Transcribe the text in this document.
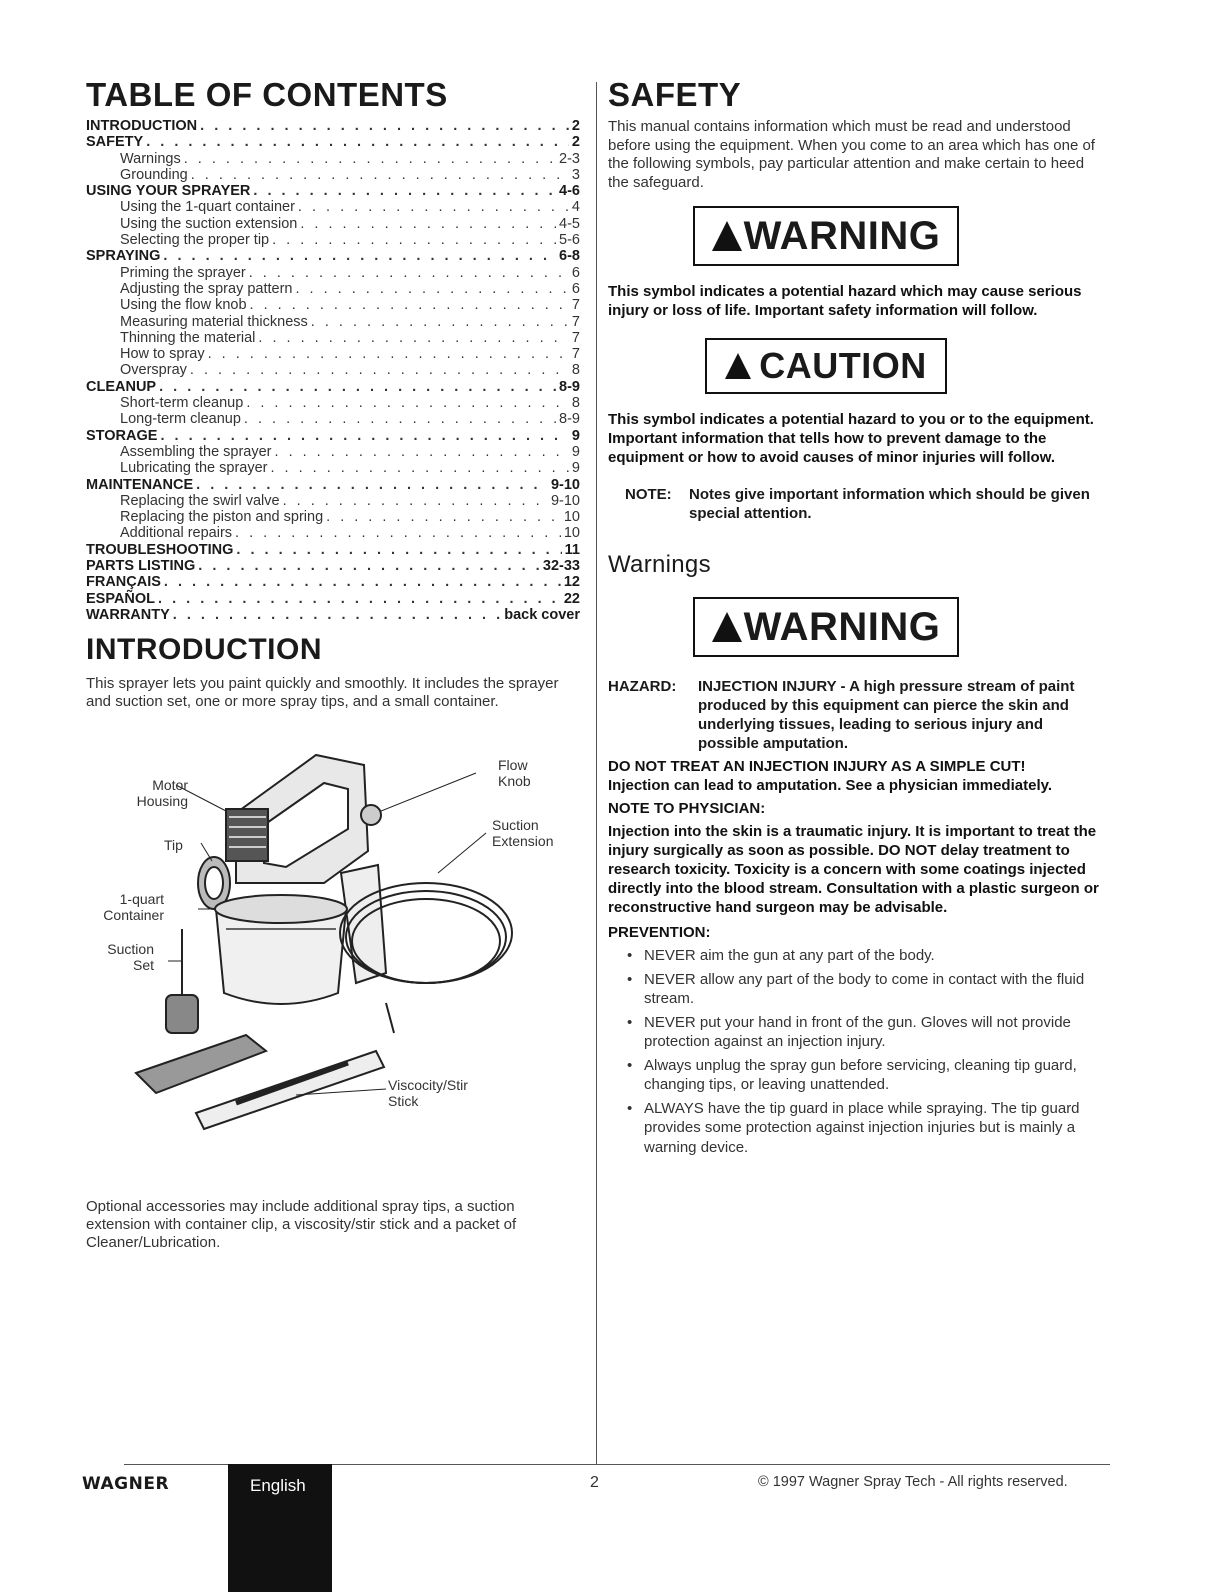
TABLE OF CONTENTS
INTRODUCTION . . .	2
SAFETY . . .	2
Warnings . . .	2-3
Grounding . . .	3
USING YOUR SPRAYER . . .	4-6
Using the 1-quart container . . .	4
Using the suction extension . . .	4-5
Selecting the proper tip . . .	5-6
SPRAYING . . .	6-8
Priming the sprayer . . .	6
Adjusting the spray pattern . . .	6
Using the flow knob . . .	7
Measuring material thickness . . .	7
Thinning the material . . .	7
How to spray . . .	7
Overspray . . .	8
CLEANUP . . .	8-9
Short-term cleanup . . .	8
Long-term cleanup . . .	8-9
STORAGE . . .	9
Assembling the sprayer . . .	9
Lubricating the sprayer . . .	9
MAINTENANCE . . .	9-10
Replacing the swirl valve . . .	9-10
Replacing the piston and spring . . .	10
Additional repairs . . .	10
TROUBLESHOOTING . . .	11
PARTS LISTING . . .	32-33
FRANÇAIS . . .	12
ESPAÑOL . . .	22
WARRANTY . . .	back cover
INTRODUCTION

This sprayer lets you paint quickly and smoothly. It includes the sprayer and suction set, one or more spray tips, and a small container.

Motor Housing
Tip
Flow Knob
Suction Extension
1-quart Container
Suction Set
Viscocity/Stir Stick

Optional accessories may include additional spray tips, a suction extension with container clip, a viscosity/stir stick and a packet of Cleaner/Lubrication.

SAFETY
This manual contains information which must be read and understood before using the equipment. When you come to an area which has one of the following symbols, pay particular attention and make certain to heed the safeguard.
WARNING
This symbol indicates a potential hazard which may cause serious injury or loss of life. Important safety information will follow.
CAUTION
This symbol indicates a potential hazard to you or to the equipment. Important information that tells how to prevent damage to the equipment or how to avoid causes of minor injuries will follow.
NOTE:	Notes give important information which should be given special attention.
Warnings
WARNING
HAZARD:	INJECTION INJURY - A high pressure stream of paint produced by this equipment can pierce the skin and underlying tissues, leading to serious injury and possible amputation.
DO NOT TREAT AN INJECTION INJURY AS A SIMPLE CUT!
Injection can lead to amputation. See a physician immediately.
NOTE TO PHYSICIAN:
Injection into the skin is a traumatic injury. It is important to treat the injury surgically as soon as possible. DO NOT delay treatment to research toxicity. Toxicity is a concern with some coatings injected directly into the blood stream. Consultation with a plastic surgeon or reconstructive hand surgeon may be advisable.
PREVENTION:
• NEVER aim the gun at any part of the body.
• NEVER allow any part of the body to come in contact with the fluid stream.
• NEVER put your hand in front of the gun. Gloves will not provide protection against an injection injury.
• Always unplug the spray gun before servicing, cleaning tip guard, changing tips, or leaving unattended.
• ALWAYS have the tip guard in place while spraying. The tip guard provides some protection against injection injuries but is mainly a warning device.
WAGNER	English	2	© 1997 Wagner Spray Tech - All rights reserved.
